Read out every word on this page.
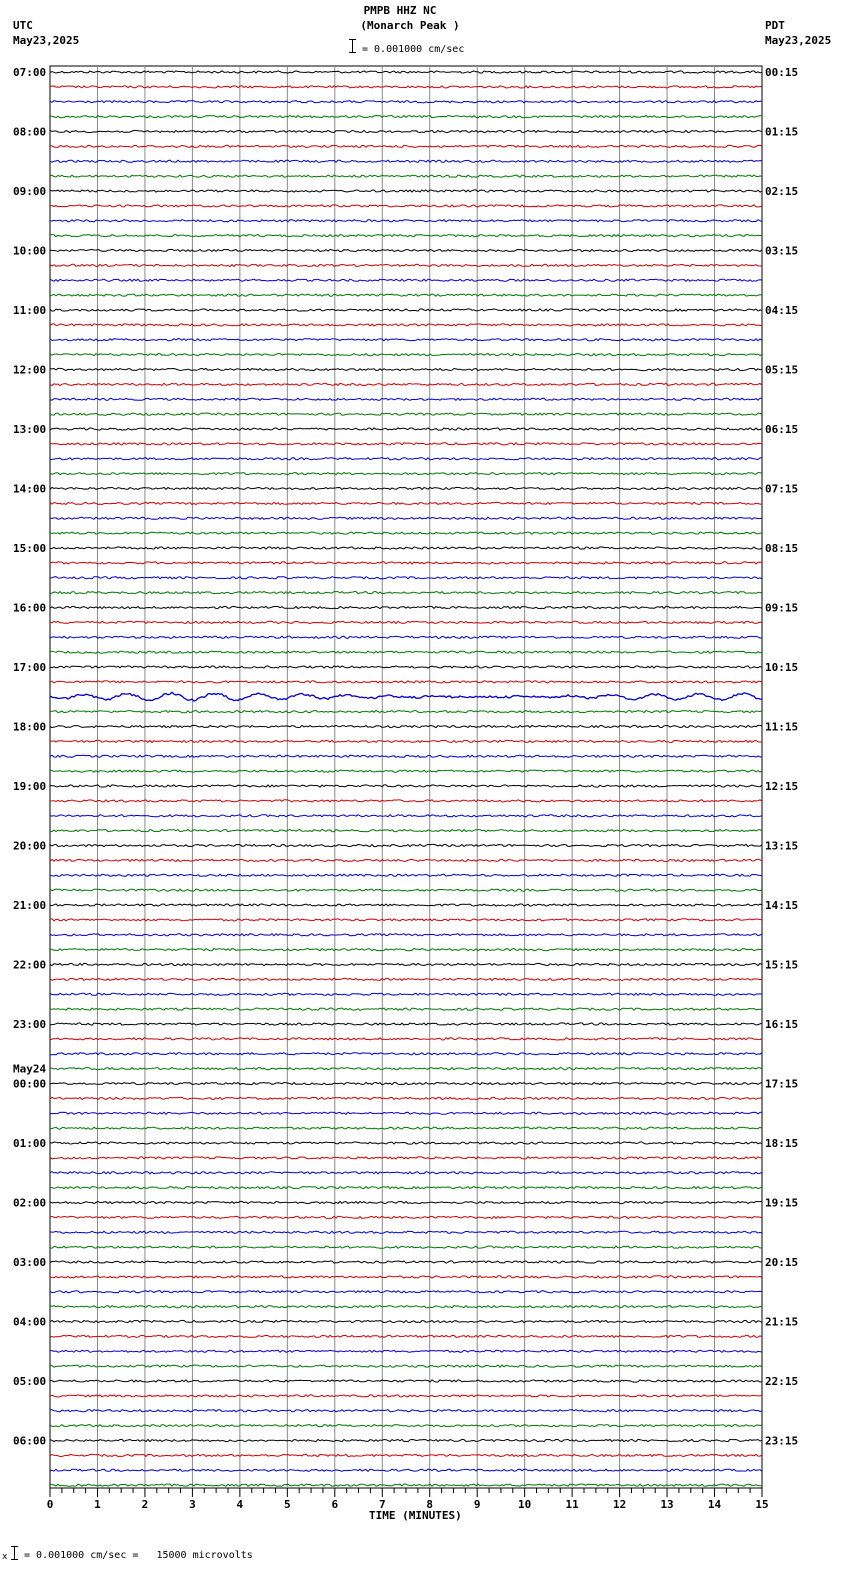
PMPB HHZ NC
(Monarch Peak )
= 0.001000 cm/sec
UTC
May23,2025
PDT
May23,2025
07:00	00:15
08:00	01:15
09:00	02:15
10:00	03:15
11:00	04:15
12:00	05:15
13:00	06:15
14:00	07:15
15:00	08:15
16:00	09:15
17:00	10:15
18:00	11:15
19:00	12:15
20:00	13:15
21:00	14:15
22:00	15:15
23:00	16:15
00:00	17:15
May24
01:00	18:15
02:00	19:15
03:00	20:15
04:00	21:15
05:00	22:15
06:00	23:15
0	1	2	3	4	5	6	7	8	9	10	11	12	13	14	15
TIME (MINUTES)
x = 0.001000 cm/sec =   15000 microvolts
